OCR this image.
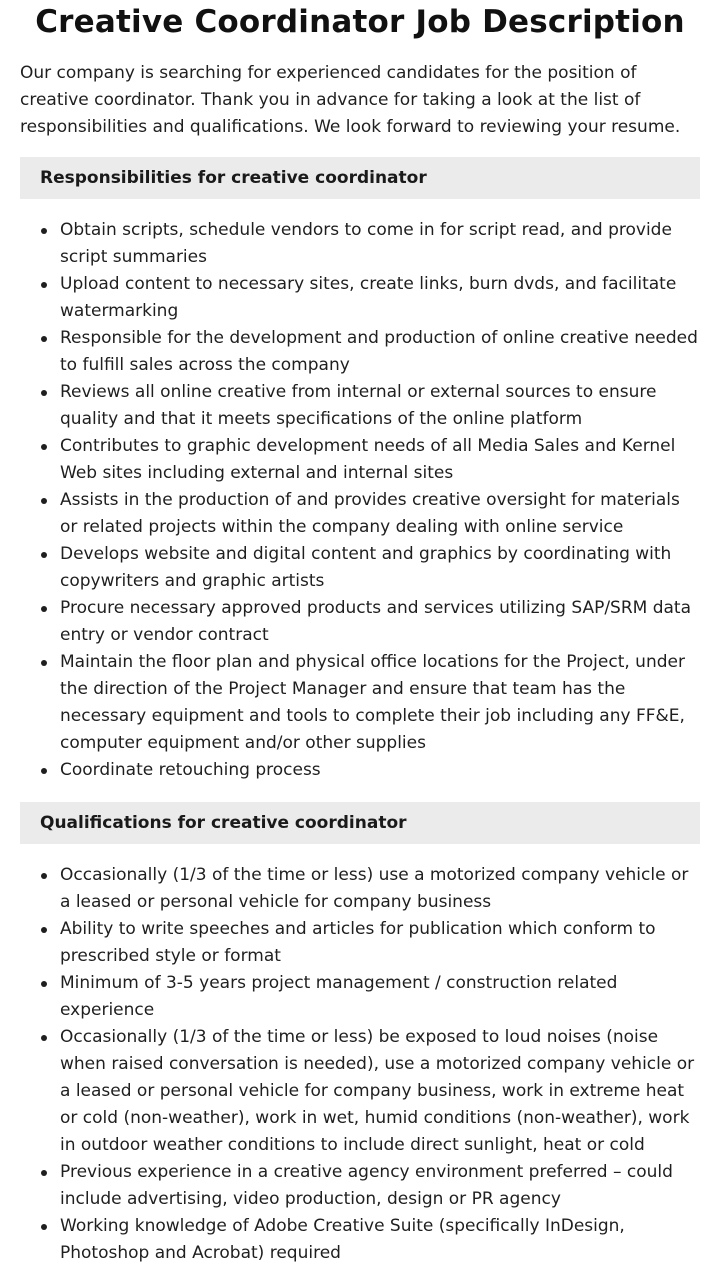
Creative Coordinator Job Description

Our company is searching for experienced candidates for the position of creative coordinator. Thank you in advance for taking a look at the list of responsibilities and qualifications. We look forward to reviewing your resume.

Responsibilities for creative coordinator
Obtain scripts, schedule vendors to come in for script read, and provide script summaries
Upload content to necessary sites, create links, burn dvds, and facilitate watermarking
Responsible for the development and production of online creative needed to fulfill sales across the company
Reviews all online creative from internal or external sources to ensure quality and that it meets specifications of the online platform
Contributes to graphic development needs of all Media Sales and Kernel Web sites including external and internal sites
Assists in the production of and provides creative oversight for materials or related projects within the company dealing with online service
Develops website and digital content and graphics by coordinating with copywriters and graphic artists
Procure necessary approved products and services utilizing SAP/SRM data entry or vendor contract
Maintain the floor plan and physical office locations for the Project, under the direction of the Project Manager and ensure that team has the necessary equipment and tools to complete their job including any FF&E, computer equipment and/or other supplies
Coordinate retouching process
Qualifications for creative coordinator
Occasionally (1/3 of the time or less) use a motorized company vehicle or a leased or personal vehicle for company business
Ability to write speeches and articles for publication which conform to prescribed style or format
Minimum of 3-5 years project management / construction related experience
Occasionally (1/3 of the time or less) be exposed to loud noises (noise when raised conversation is needed), use a motorized company vehicle or a leased or personal vehicle for company business, work in extreme heat or cold (non-weather), work in wet, humid conditions (non-weather), work in outdoor weather conditions to include direct sunlight, heat or cold
Previous experience in a creative agency environment preferred – could include advertising, video production, design or PR agency
Working knowledge of Adobe Creative Suite (specifically InDesign, Photoshop and Acrobat) required
